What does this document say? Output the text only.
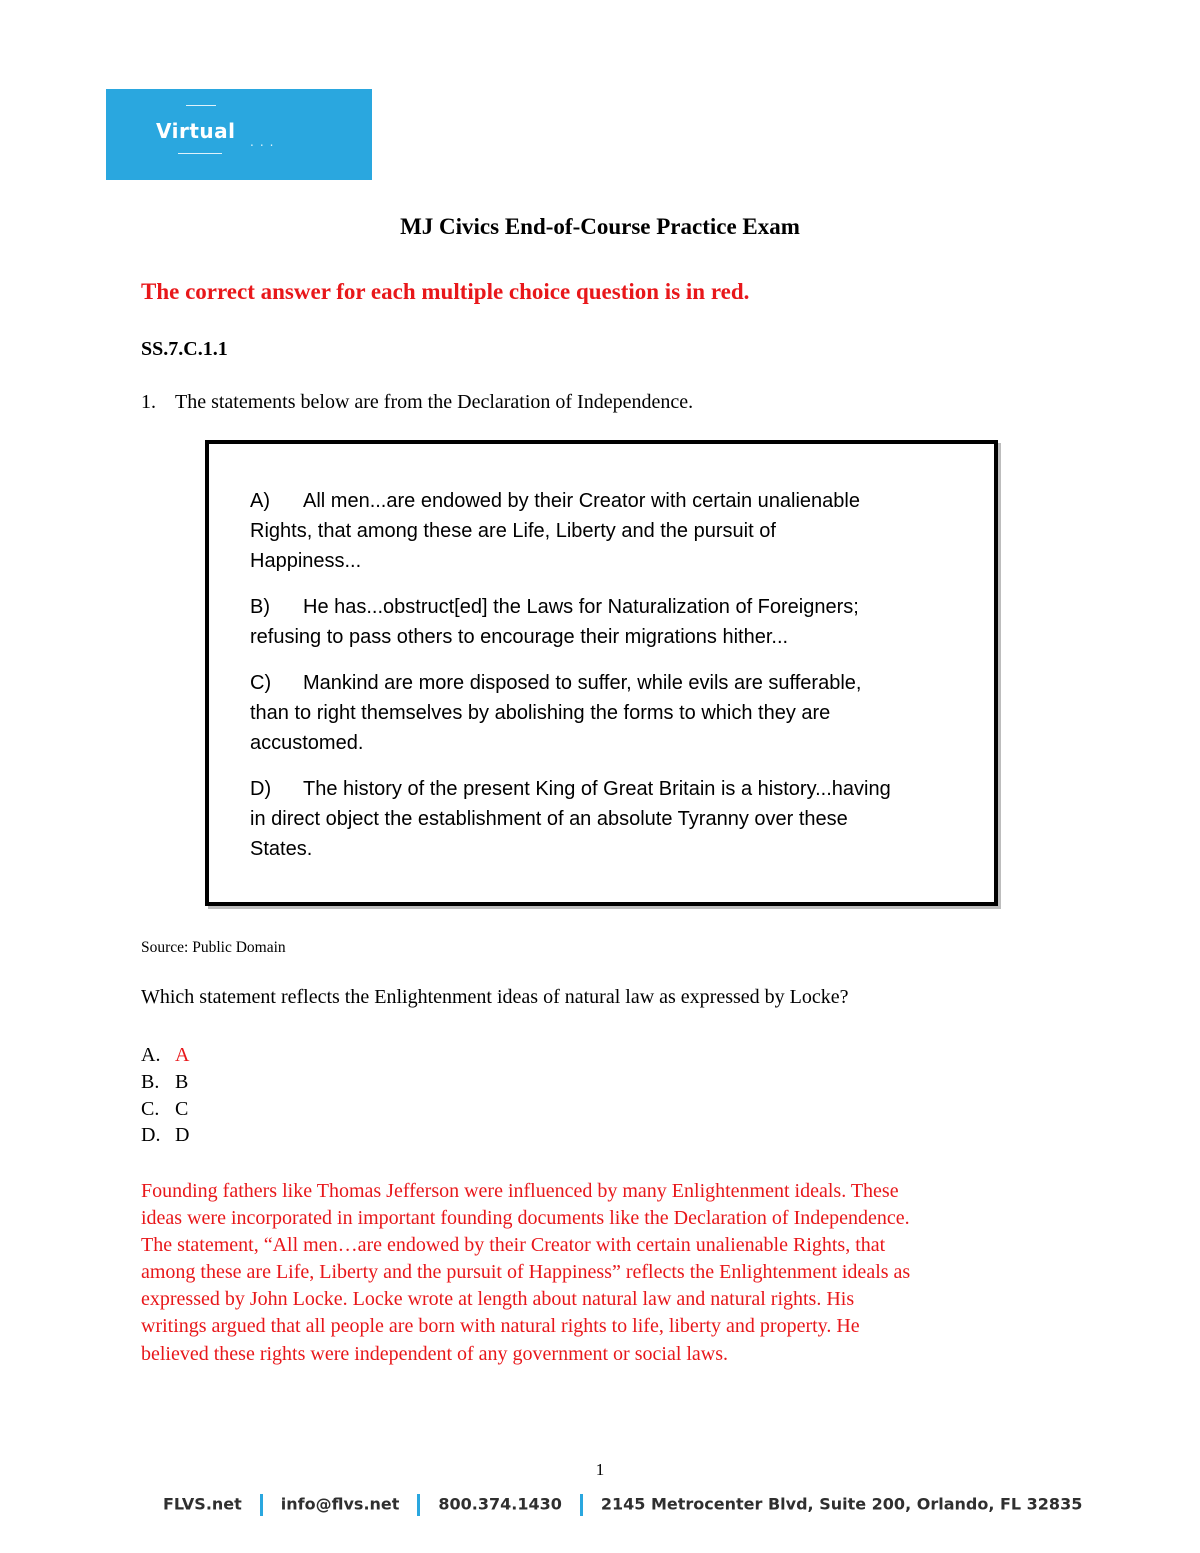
Virtual ...
MJ Civics End-of-Course Practice Exam
The correct answer for each multiple choice question is in red.
SS.7.C.1.1
1. The statements below are from the Declaration of Independence.
A) All men...are endowed by their Creator with certain unalienable
Rights, that among these are Life, Liberty and the pursuit of
Happiness...
B) He has...obstruct[ed] the Laws for Naturalization of Foreigners;
refusing to pass others to encourage their migrations hither...
C) Mankind are more disposed to suffer, while evils are sufferable,
than to right themselves by abolishing the forms to which they are
accustomed.
D) The history of the present King of Great Britain is a history...having
in direct object the establishment of an absolute Tyranny over these
States.
Source: Public Domain
Which statement reflects the Enlightenment ideas of natural law as expressed by Locke?
A. A
B. B
C. C
D. D
Founding fathers like Thomas Jefferson were influenced by many Enlightenment ideals. These
ideas were incorporated in important founding documents like the Declaration of Independence.
The statement, “All men…are endowed by their Creator with certain unalienable Rights, that
among these are Life, Liberty and the pursuit of Happiness” reflects the Enlightenment ideals as
expressed by John Locke. Locke wrote at length about natural law and natural rights. His
writings argued that all people are born with natural rights to life, liberty and property. He
believed these rights were independent of any government or social laws.
1
FLVS.net info@flvs.net 800.374.1430 2145 Metrocenter Blvd, Suite 200, Orlando, FL 32835
